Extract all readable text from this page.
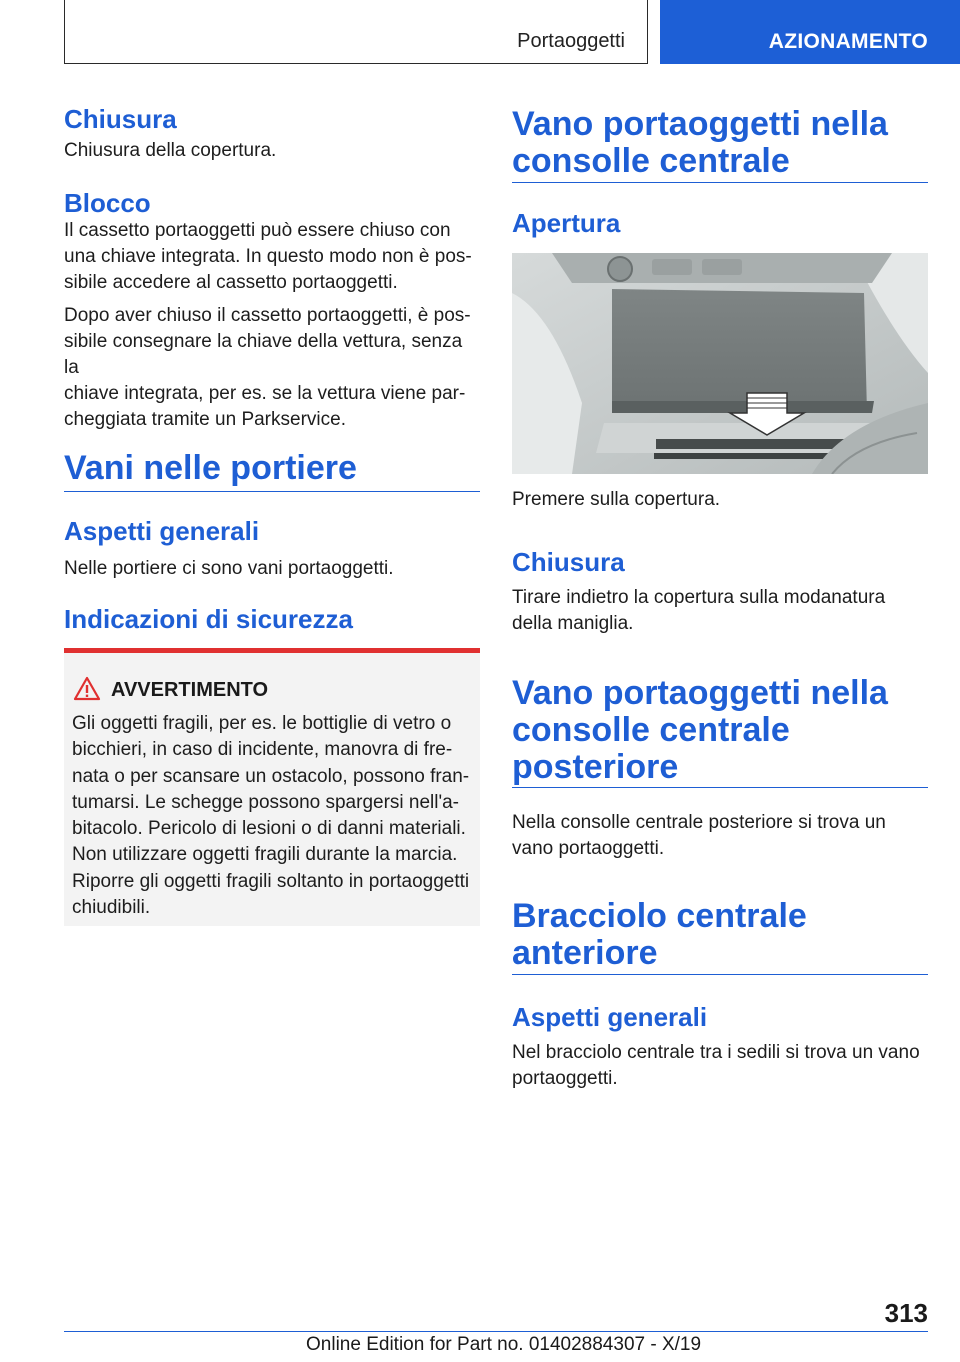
Portaoggetti	AZIONAMENTO
Chiusura

Chiusura della copertura.

Blocco

Il cassetto portaoggetti può essere chiuso con

una chiave integrata. In questo modo non è pos‐

sibile accedere al cassetto portaoggetti.

Dopo aver chiuso il cassetto portaoggetti, è pos‐

sibile consegnare la chiave della vettura, senza la

chiave integrata, per es. se la vettura viene par‐

cheggiata tramite un Parkservice.

Vani nelle portiere
Aspetti generali

Nelle portiere ci sono vani portaoggetti.

Indicazioni di sicurezza
AVVERTIMENTO
Gli oggetti fragili, per es. le bottiglie di vetro o
bicchieri, in caso di incidente, manovra di fre‐
nata o per scansare un ostacolo, possono fran‐
tumarsi. Le schegge possono spargersi nell'a‐
bitacolo. Pericolo di lesioni o di danni materiali.
Non utilizzare oggetti fragili durante la marcia.
Riporre gli oggetti fragili soltanto in portaoggetti
chiudibili.
Vano portaoggetti nella
consolle centrale
Apertura

Premere sulla copertura.

Chiusura

Tirare indietro la copertura sulla modanatura

della maniglia.

Vano portaoggetti nella
consolle centrale
posteriore

Nella consolle centrale posteriore si trova un

vano portaoggetti.

Bracciolo centrale
anteriore
Aspetti generali

Nel bracciolo centrale tra i sedili si trova un vano

portaoggetti.

313
Online Edition for Part no. 01402884307 - X/19
